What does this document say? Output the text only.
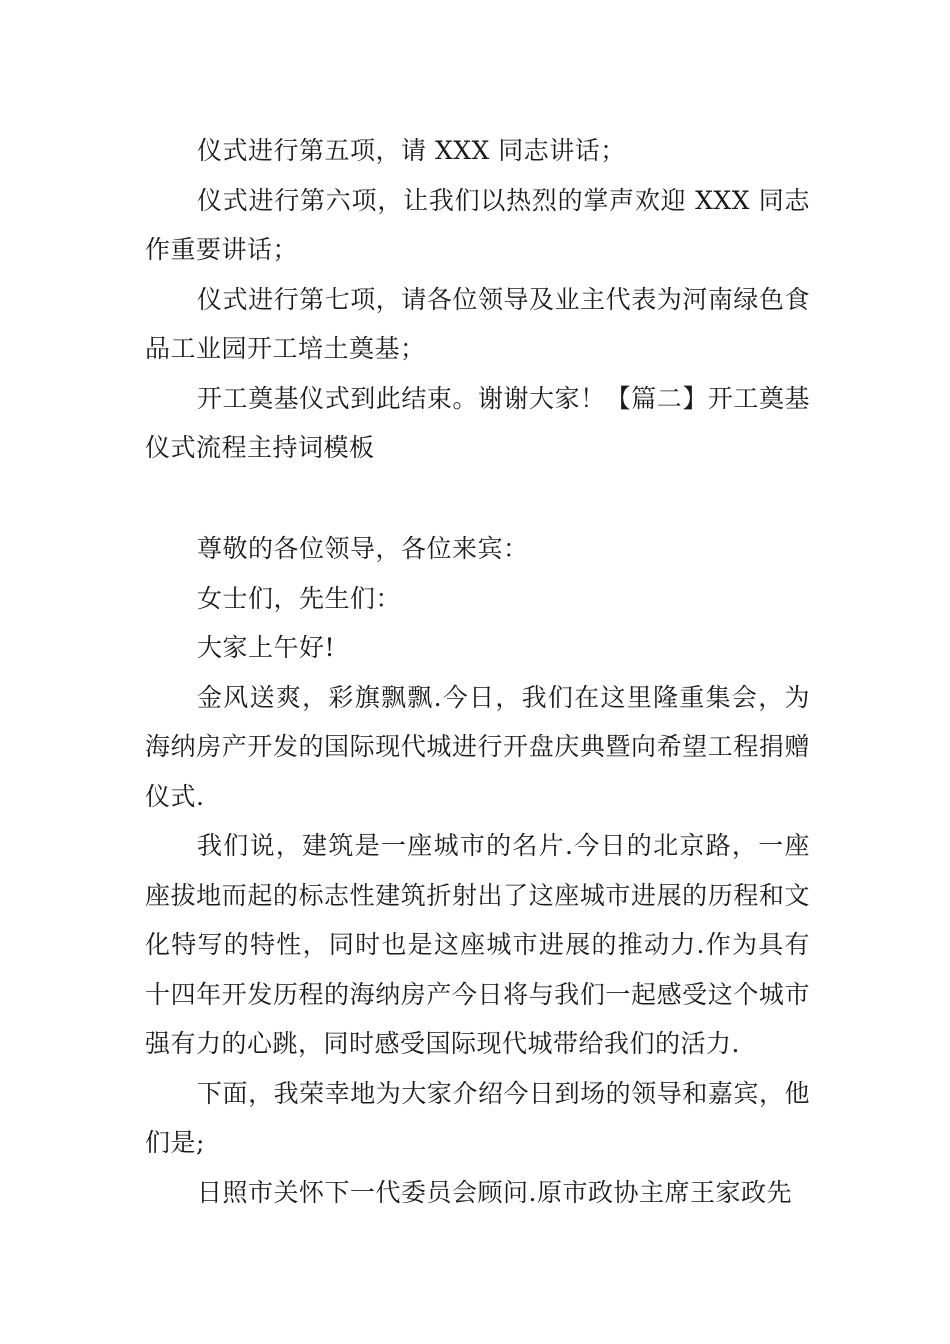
仪式进行第五项，请 XXX 同志讲话；

仪式进行第六项，让我们以热烈的掌声欢迎 XXX 同志作重要讲话；

仪式进行第七项，请各位领导及业主代表为河南绿色食品工业园开工培土奠基；

开工奠基仪式到此结束。谢谢大家！【篇二】开工奠基仪式流程主持词模板

尊敬的各位领导，各位来宾：

女士们，先生们：

大家上午好!

金风送爽，彩旗飘飘.今日，我们在这里隆重集会，为海纳房产开发的国际现代城进行开盘庆典暨向希望工程捐赠仪式.

我们说，建筑是一座城市的名片.今日的北京路，一座座拔地而起的标志性建筑折射出了这座城市进展的历程和文化特写的特性，同时也是这座城市进展的推动力.作为具有十四年开发历程的海纳房产今日将与我们一起感受这个城市强有力的心跳，同时感受国际现代城带给我们的活力.

下面，我荣幸地为大家介绍今日到场的领导和嘉宾，他们是;

日照市关怀下一代委员会顾问.原市政协主席王家政先
